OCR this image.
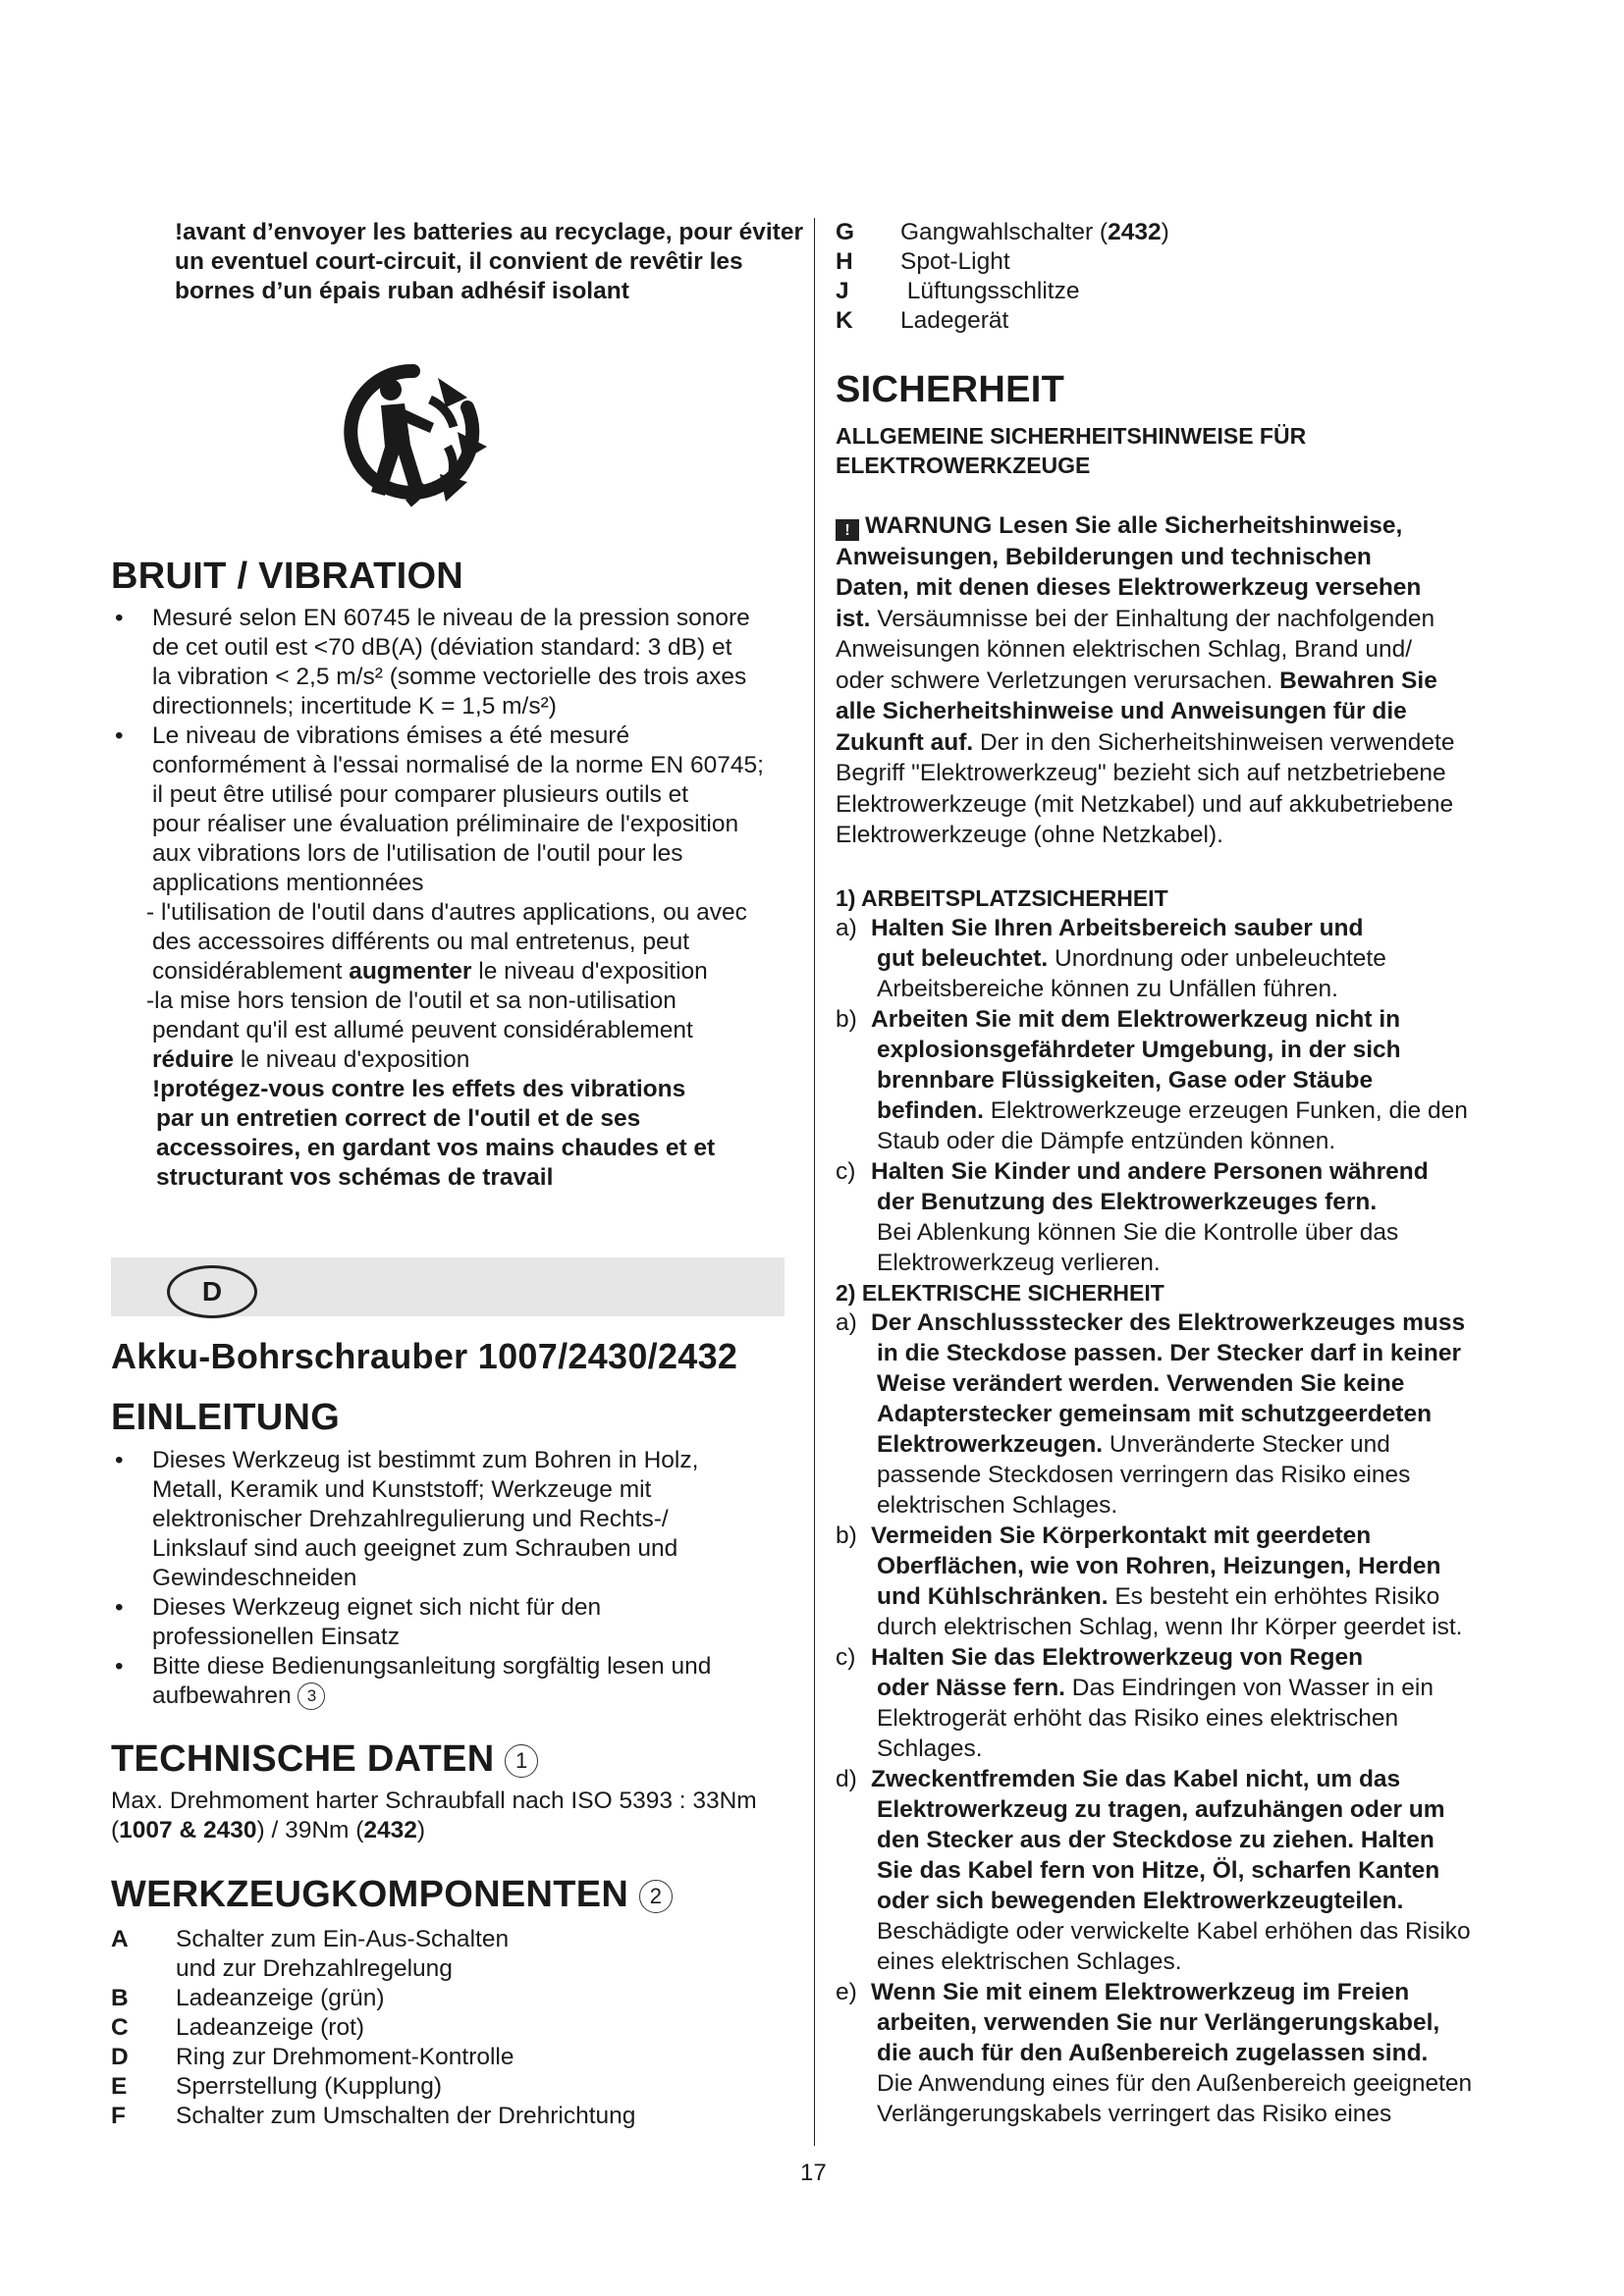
!avant d’envoyer les batteries au recyclage, pour éviter un eventuel court-circuit, il convient de revêtir les bornes d’un épais ruban adhésif isolant

BRUIT / VIBRATION

• Mesuré selon EN 60745 le niveau de la pression sonore
de cet outil est <70 dB(A) (déviation standard: 3 dB) et
la vibration < 2,5 m/s² (somme vectorielle des trois axes
directionnels; incertitude K = 1,5 m/s²)

• Le niveau de vibrations émises a été mesuré
conformément à l'essai normalisé de la norme EN 60745;
il peut être utilisé pour comparer plusieurs outils et
pour réaliser une évaluation préliminaire de l'exposition
aux vibrations lors de l'utilisation de l'outil pour les
applications mentionnées

- l'utilisation de l'outil dans d'autres applications, ou avec
des accessoires différents ou mal entretenus, peut
considérablement augmenter le niveau d'exposition

-la mise hors tension de l'outil et sa non-utilisation
pendant qu'il est allumé peuvent considérablement
réduire le niveau d'exposition

!protégez-vous contre les effets des vibrations
par un entretien correct de l'outil et de ses
accessoires, en gardant vos mains chaudes et et
structurant vos schémas de travail

D
Akku-Bohrschrauber 1007/2430/2432
EINLEITUNG

• Dieses Werkzeug ist bestimmt zum Bohren in Holz,
Metall, Keramik und Kunststoff; Werkzeuge mit
elektronischer Drehzahlregulierung und Rechts-/
Linkslauf sind auch geeignet zum Schrauben und
Gewindeschneiden

• Dieses Werkzeug eignet sich nicht für den
professionellen Einsatz

• Bitte diese Bedienungsanleitung sorgfältig lesen und
aufbewahren 3

TECHNISCHE DATEN 1

Max. Drehmoment harter Schraubfall nach ISO 5393 : 33Nm

(1007 & 2430) / 39Nm (2432)

WERKZEUGKOMPONENTEN 2
A	Schalter zum Ein-Aus-Schalten
und zur Drehzahlregelung
B	Ladeanzeige (grün)
C	Ladeanzeige (rot)
D	Ring zur Drehmoment-Kontrolle
E	Sperrstellung (Kupplung)
F	Schalter zum Umschalten der Drehrichtung
G	Gangwahlschalter (2432)
H	Spot-Light
J	Lüftungsschlitze
K	Ladegerät
SICHERHEIT
ALLGEMEINE SICHERHEITSHINWEISE FÜR
ELEKTROWERKZEUGE
! WARNUNG Lesen Sie alle Sicherheitshinweise,
Anweisungen, Bebilderungen und technischen
Daten, mit denen dieses Elektrowerkzeug versehen
ist. Versäumnisse bei der Einhaltung der nachfolgenden
Anweisungen können elektrischen Schlag, Brand und/
oder schwere Verletzungen verursachen. Bewahren Sie
alle Sicherheitshinweise und Anweisungen für die
Zukunft auf. Der in den Sicherheitshinweisen verwendete
Begriff "Elektrowerkzeug" bezieht sich auf netzbetriebene
Elektrowerkzeuge (mit Netzkabel) und auf akkubetriebene
Elektrowerkzeuge (ohne Netzkabel).
1) ARBEITSPLATZSICHERHEIT
a) Halten Sie Ihren Arbeitsbereich sauber und

gut beleuchtet. Unordnung oder unbeleuchtete
Arbeitsbereiche können zu Unfällen führen.
b) Arbeiten Sie mit dem Elektrowerkzeug nicht in

explosionsgefährdeter Umgebung, in der sich
brennbare Flüssigkeiten, Gase oder Stäube
befinden. Elektrowerkzeuge erzeugen Funken, die den
Staub oder die Dämpfe entzünden können.
c) Halten Sie Kinder und andere Personen während

der Benutzung des Elektrowerkzeuges fern.
Bei Ablenkung können Sie die Kontrolle über das
Elektrowerkzeug verlieren.
2) ELEKTRISCHE SICHERHEIT
a) Der Anschlussstecker des Elektrowerkzeuges muss

in die Steckdose passen. Der Stecker darf in keiner
Weise verändert werden. Verwenden Sie keine
Adapterstecker gemeinsam mit schutzgeerdeten
Elektrowerkzeugen. Unveränderte Stecker und
passende Steckdosen verringern das Risiko eines
elektrischen Schlages.
b) Vermeiden Sie Körperkontakt mit geerdeten

Oberflächen, wie von Rohren, Heizungen, Herden
und Kühlschränken. Es besteht ein erhöhtes Risiko
durch elektrischen Schlag, wenn Ihr Körper geerdet ist.
c) Halten Sie das Elektrowerkzeug von Regen

oder Nässe fern. Das Eindringen von Wasser in ein
Elektrogerät erhöht das Risiko eines elektrischen
Schlages.
d) Zweckentfremden Sie das Kabel nicht, um das

Elektrowerkzeug zu tragen, aufzuhängen oder um
den Stecker aus der Steckdose zu ziehen. Halten
Sie das Kabel fern von Hitze, Öl, scharfen Kanten
oder sich bewegenden Elektrowerkzeugteilen.
Beschädigte oder verwickelte Kabel erhöhen das Risiko
eines elektrischen Schlages.
e) Wenn Sie mit einem Elektrowerkzeug im Freien

arbeiten, verwenden Sie nur Verlängerungskabel,
die auch für den Außenbereich zugelassen sind.
Die Anwendung eines für den Außenbereich geeigneten
Verlängerungskabels verringert das Risiko eines
17
